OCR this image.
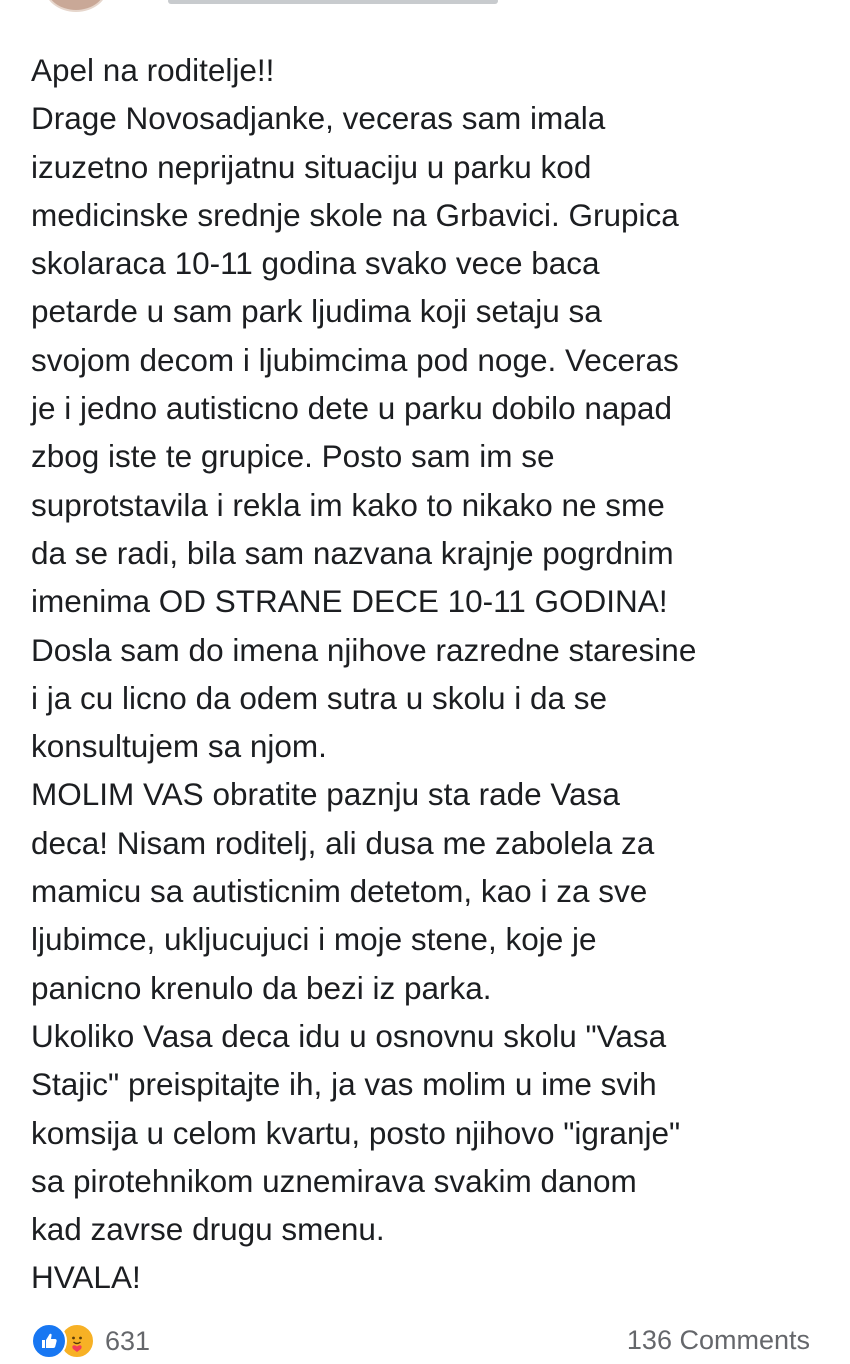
Apel na roditelje!!
Drage Novosadjanke, veceras sam imala
izuzetno neprijatnu situaciju u parku kod
medicinske srednje skole na Grbavici. Grupica
skolaraca 10-11 godina svako vece baca
petarde u sam park ljudima koji setaju sa
svojom decom i ljubimcima pod noge. Veceras
je i jedno autisticno dete u parku dobilo napad
zbog iste te grupice. Posto sam im se
suprotstavila i rekla im kako to nikako ne sme
da se radi, bila sam nazvana krajnje pogrdnim
imenima OD STRANE DECE 10-11 GODINA!
Dosla sam do imena njihove razredne staresine
i ja cu licno da odem sutra u skolu i da se
konsultujem sa njom.
MOLIM VAS obratite paznju sta rade Vasa
deca! Nisam roditelj, ali dusa me zabolela za
mamicu sa autisticnim detetom, kao i za sve
ljubimce, ukljucujuci i moje stene, koje je
panicno krenulo da bezi iz parka.
Ukoliko Vasa deca idu u osnovnu skolu "Vasa
Stajic" preispitajte ih, ja vas molim u ime svih
komsija u celom kvartu, posto njihovo "igranje"
sa pirotehnikom uznemirava svakim danom
kad zavrse drugu smenu.
HVALA!
631	136 Comments
